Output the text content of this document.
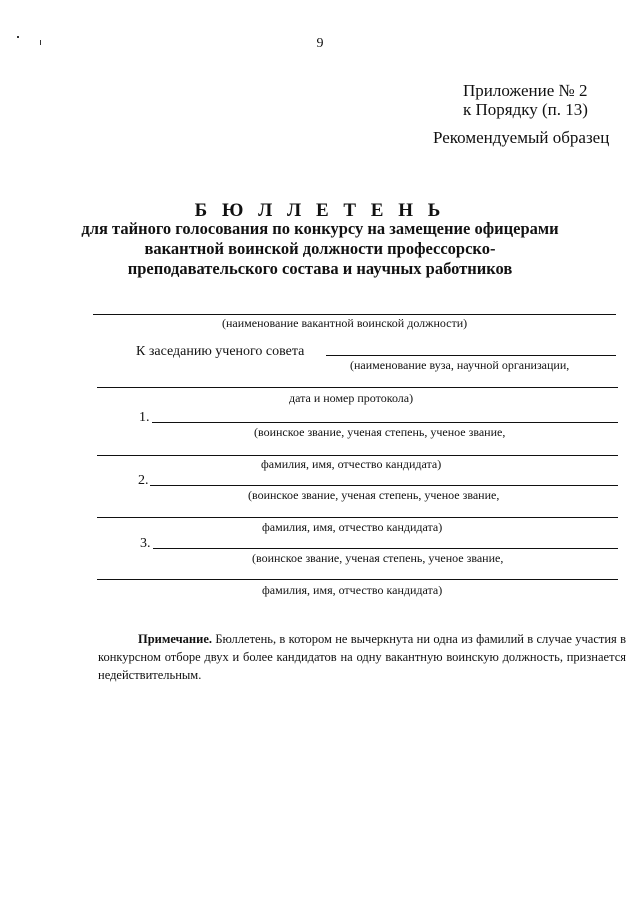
9
Приложение № 2
к Порядку (п. 13)
Рекомендуемый образец
Б Ю Л Л Е Т Е Н Ь
для тайного голосования по конкурсу на замещение офицерами
вакантной воинской должности профессорско-
преподавательского состава и научных работников
(наименование вакантной воинской должности)
К заседанию ученого совета
(наименование вуза, научной организации,
дата и номер протокола)
1.
(воинское звание, ученая степень, ученое звание,
фамилия, имя, отчество кандидата)
2.
(воинское звание, ученая степень, ученое звание,
фамилия, имя, отчество кандидата)
3.
(воинское звание, ученая степень, ученое звание,
фамилия, имя, отчество кандидата)
Примечание. Бюллетень, в котором не вычеркнута ни одна из фамилий в случае участия в конкурсном отборе двух и более кандидатов на одну вакантную воинскую должность, признается недействительным.
